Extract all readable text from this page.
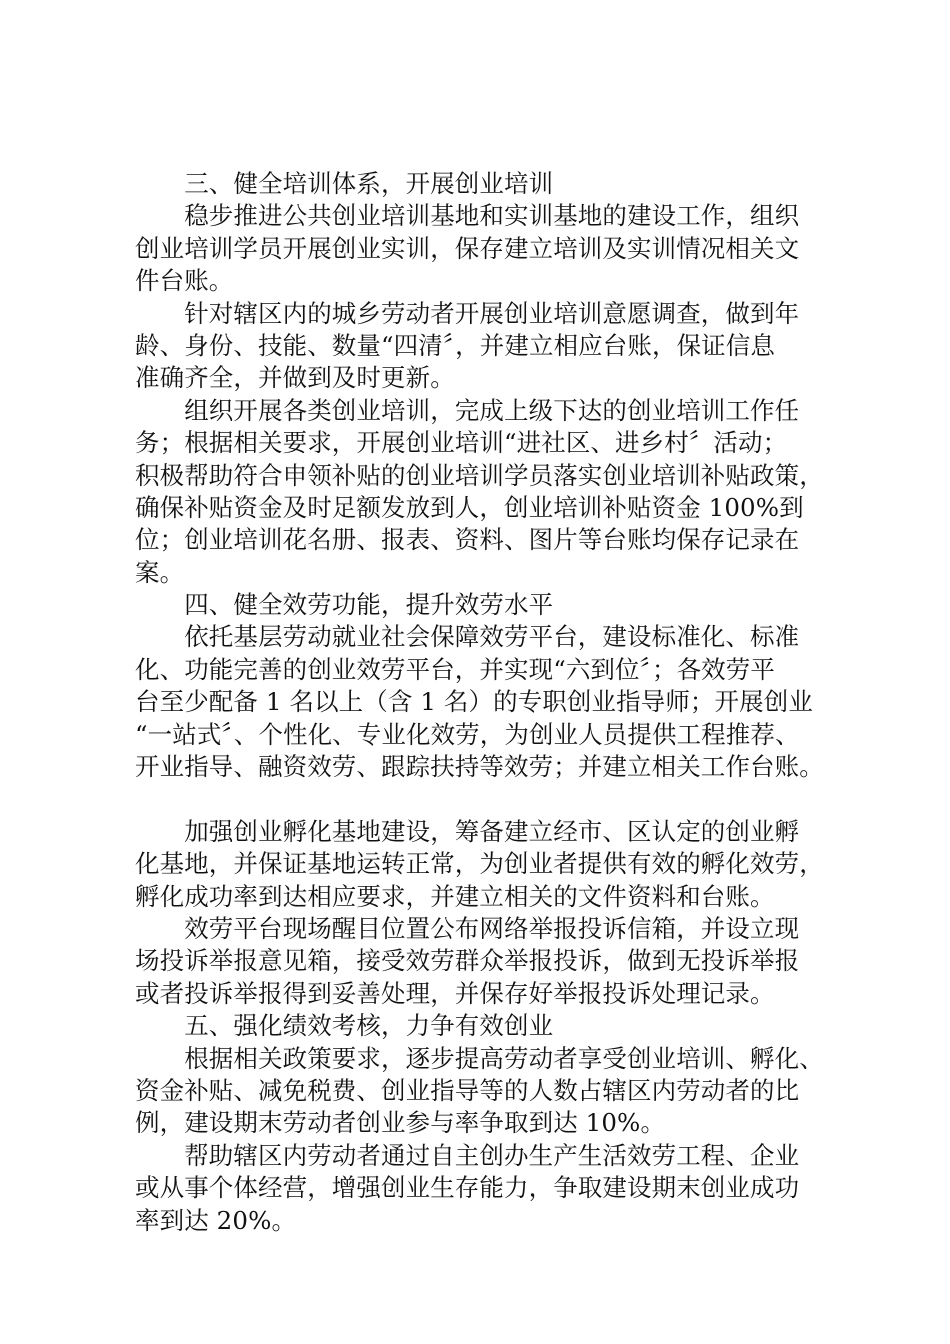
　　三、健全培训体系，开展创业培训
　　稳步推进公共创业培训基地和实训基地的建设工作，组织
创业培训学员开展创业实训，保存建立培训及实训情况相关文
件台账。
　　针对辖区内的城乡劳动者开展创业培训意愿调查，做到年
龄、身份、技能、数量“四清〞，并建立相应台账，保证信息
准确齐全，并做到及时更新。
　　组织开展各类创业培训，完成上级下达的创业培训工作任
务；根据相关要求，开展创业培训“进社区、进乡村〞活动；
积极帮助符合申领补贴的创业培训学员落实创业培训补贴政策，
确保补贴资金及时足额发放到人，创业培训补贴资金 100%到
位；创业培训花名册、报表、资料、图片等台账均保存记录在
案。
　　四、健全效劳功能，提升效劳水平
　　依托基层劳动就业社会保障效劳平台，建设标准化、标准
化、功能完善的创业效劳平台，并实现“六到位〞；各效劳平
台至少配备 1 名以上（含 1 名）的专职创业指导师；开展创业
“一站式〞、个性化、专业化效劳，为创业人员提供工程推荐、
开业指导、融资效劳、跟踪扶持等效劳；并建立相关工作台账。
　　加强创业孵化基地建设，筹备建立经市、区认定的创业孵
化基地，并保证基地运转正常，为创业者提供有效的孵化效劳，
孵化成功率到达相应要求，并建立相关的文件资料和台账。
　　效劳平台现场醒目位置公布网络举报投诉信箱，并设立现
场投诉举报意见箱，接受效劳群众举报投诉，做到无投诉举报
或者投诉举报得到妥善处理，并保存好举报投诉处理记录。
　　五、强化绩效考核，力争有效创业
　　根据相关政策要求，逐步提高劳动者享受创业培训、孵化、
资金补贴、减免税费、创业指导等的人数占辖区内劳动者的比
例，建设期末劳动者创业参与率争取到达 10%。
　　帮助辖区内劳动者通过自主创办生产生活效劳工程、企业
或从事个体经营，增强创业生存能力，争取建设期末创业成功
率到达 20%。
